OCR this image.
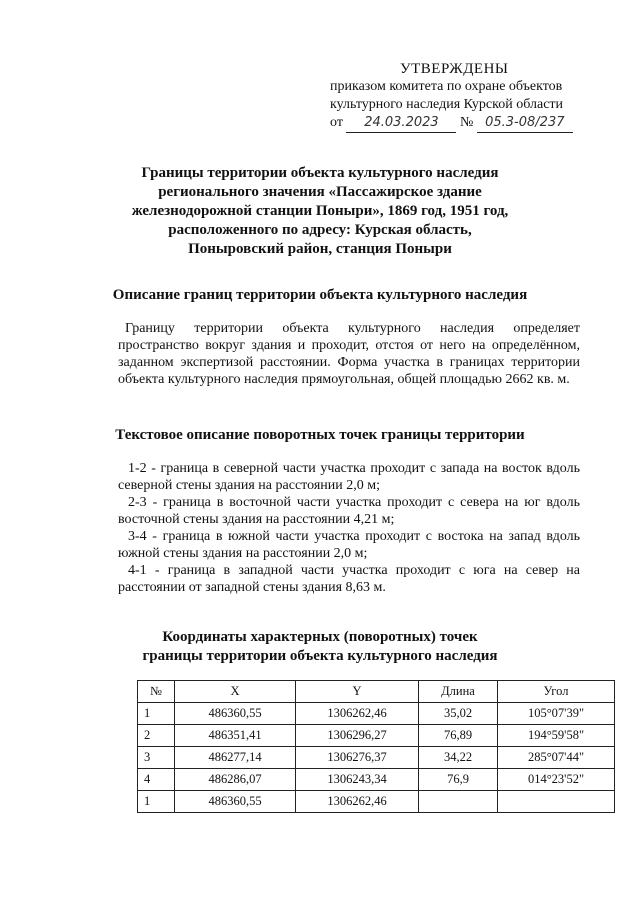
УТВЕРЖДЕНЫ
приказом комитета по охране объектов
культурного наследия Курской области
от 24.03.2023 № 05.3-08/237
Границы территории объекта культурного наследия
регионального значения «Пассажирское здание
железнодорожной станции Поныри», 1869 год, 1951 год,
расположенного по адресу: Курская область,
Поныровский район, станция Поныри
Описание границ территории объекта культурного наследия
Границу территории объекта культурного наследия определяет пространство вокруг здания и проходит, отстоя от него на определённом, заданном экспертизой расстоянии. Форма участка в границах территории объекта культурного наследия прямоугольная, общей площадью 2662 кв. м.
Текстовое описание поворотных точек границы территории

1-2 - граница в северной части участка проходит с запада на восток вдоль северной стены здания на расстоянии 2,0 м;

2-3 - граница в восточной части участка проходит с севера на юг вдоль восточной стены здания на расстоянии 4,21 м;

3-4 - граница в южной части участка проходит с востока на запад вдоль южной стены здания на расстоянии 2,0 м;

4-1 - граница в западной части участка проходит с юга на север на расстоянии от западной стены здания 8,63 м.

Координаты характерных (поворотных) точек
границы территории объекта культурного наследия
№	X	Y	Длина	Угол
1	486360,55	1306262,46	35,02	105°07'39"
2	486351,41	1306296,27	76,89	194°59'58"
3	486277,14	1306276,37	34,22	285°07'44"
4	486286,07	1306243,34	76,9	014°23'52"
1	486360,55	1306262,46		
